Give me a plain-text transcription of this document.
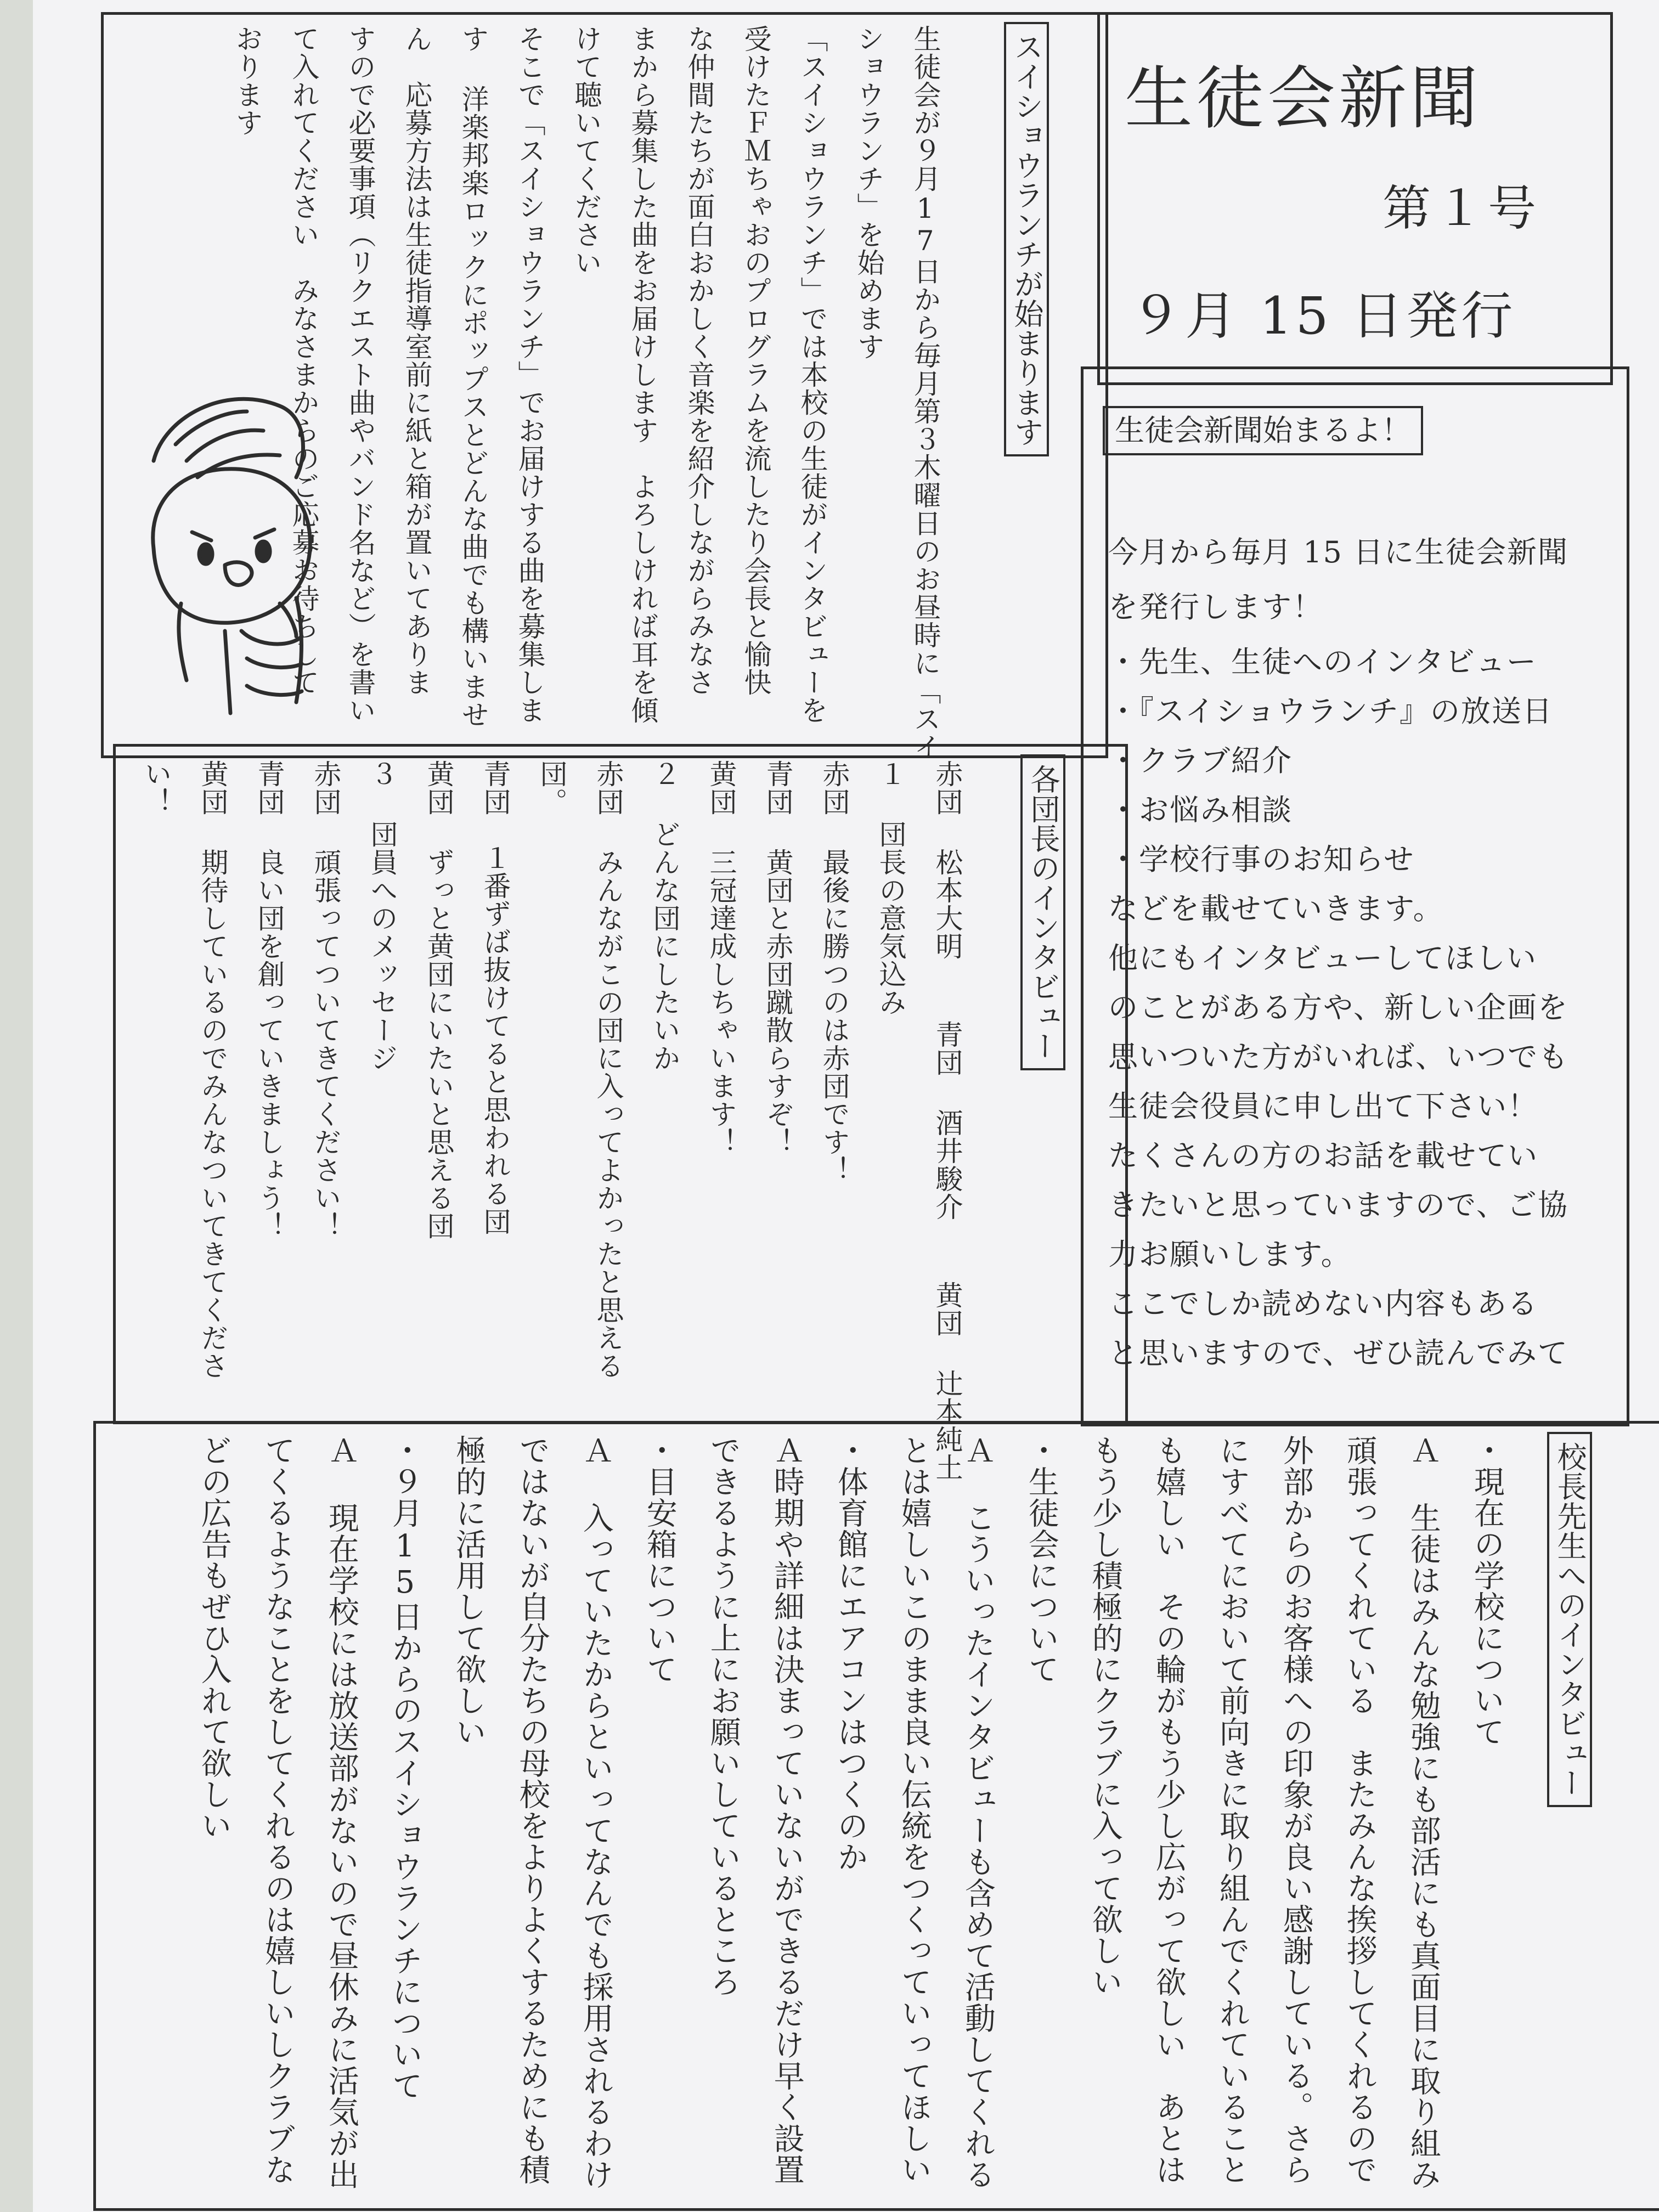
生徒会新聞
第１号
９月 15 日発行
生徒会新聞始まるよ！
今月から毎月 15 日に生徒会新聞
を発行します！
・先生、生徒へのインタビュー
・『スイショウランチ』の放送日
・クラブ紹介
・お悩み相談
・学校行事のお知らせ
などを載せていきます。
他にもインタビューしてほしい
のことがある方や、新しい企画を
思いついた方がいれば、いつでも
生徒会役員に申し出て下さい！
たくさんの方のお話を載せてい
きたいと思っていますので、ご協
力お願いします。
ここでしか読めない内容もある
と思いますので、ぜひ読んでみて
スイショウランチが始まります
生徒会が９月17日から毎月第３木曜日のお昼時に「スイ
ショウランチ」を始めます
「スイショウランチ」では本校の生徒がインタビューを
受けたＦＭちゃおのプログラムを流したり会長と愉快
な仲間たちが面白おかしく音楽を紹介しながらみなさ
まから募集した曲をお届けします　よろしければ耳を傾
けて聴いてください
そこで「スイショウランチ」でお届けする曲を募集しま
す 洋楽邦楽ロックにポップスとどんな曲でも構いませ
ん　応募方法は生徒指導室前に紙と箱が置いてありま
すので必要事項（リクエスト曲やバンド名など）を書い
て入れてください　みなさまからのご応募お待ちして
おります
各団長のインタビュー
赤団 松本大明　 青団 酒井駿介　 黄団 辻本純土
１ 団長の意気込み
赤団 最後に勝つのは赤団です！
青団 黄団と赤団蹴散らすぞ！
黄団 三冠達成しちゃいます！
２ どんな団にしたいか
赤団 みんながこの団に入ってよかったと思える
団。
青団　１番ずば抜けてると思われる団
黄団 ずっと黄団にいたいと思える団
３ 団員へのメッセージ
赤団 頑張ってついてきてください！
青団 良い団を創っていきましょう！
黄団 期待しているのでみんなついてきてくださ
い！
校長先生へのインタビュー
・現在の学校について
Ａ 生徒はみんな勉強にも部活にも真面目に取り組み
頑張ってくれている　またみんな挨拶してくれるので
外部からのお客様への印象が良い感謝している。さら
にすべてにおいて前向きに取り組んでくれていること
も嬉しい　その輪がもう少し広がって欲しい　あとは
もう少し積極的にクラブに入って欲しい
・生徒会について
Ａ こういったインタビューも含めて活動してくれる
とは嬉しいこのまま良い伝統をつくっていってほしい
・体育館にエアコンはつくのか
Ａ時期や詳細は決まっていないができるだけ早く設置
できるように上にお願いしているところ
・目安箱について
Ａ 入っていたからといってなんでも採用されるわけ
ではないが自分たちの母校をよりよくするためにも積
極的に活用して欲しい
・９月15日からのスイショウランチについて
Ａ 現在学校には放送部がないので昼休みに活気が出
てくるようなことをしてくれるのは嬉しいしクラブな
どの広告もぜひ入れて欲しい
